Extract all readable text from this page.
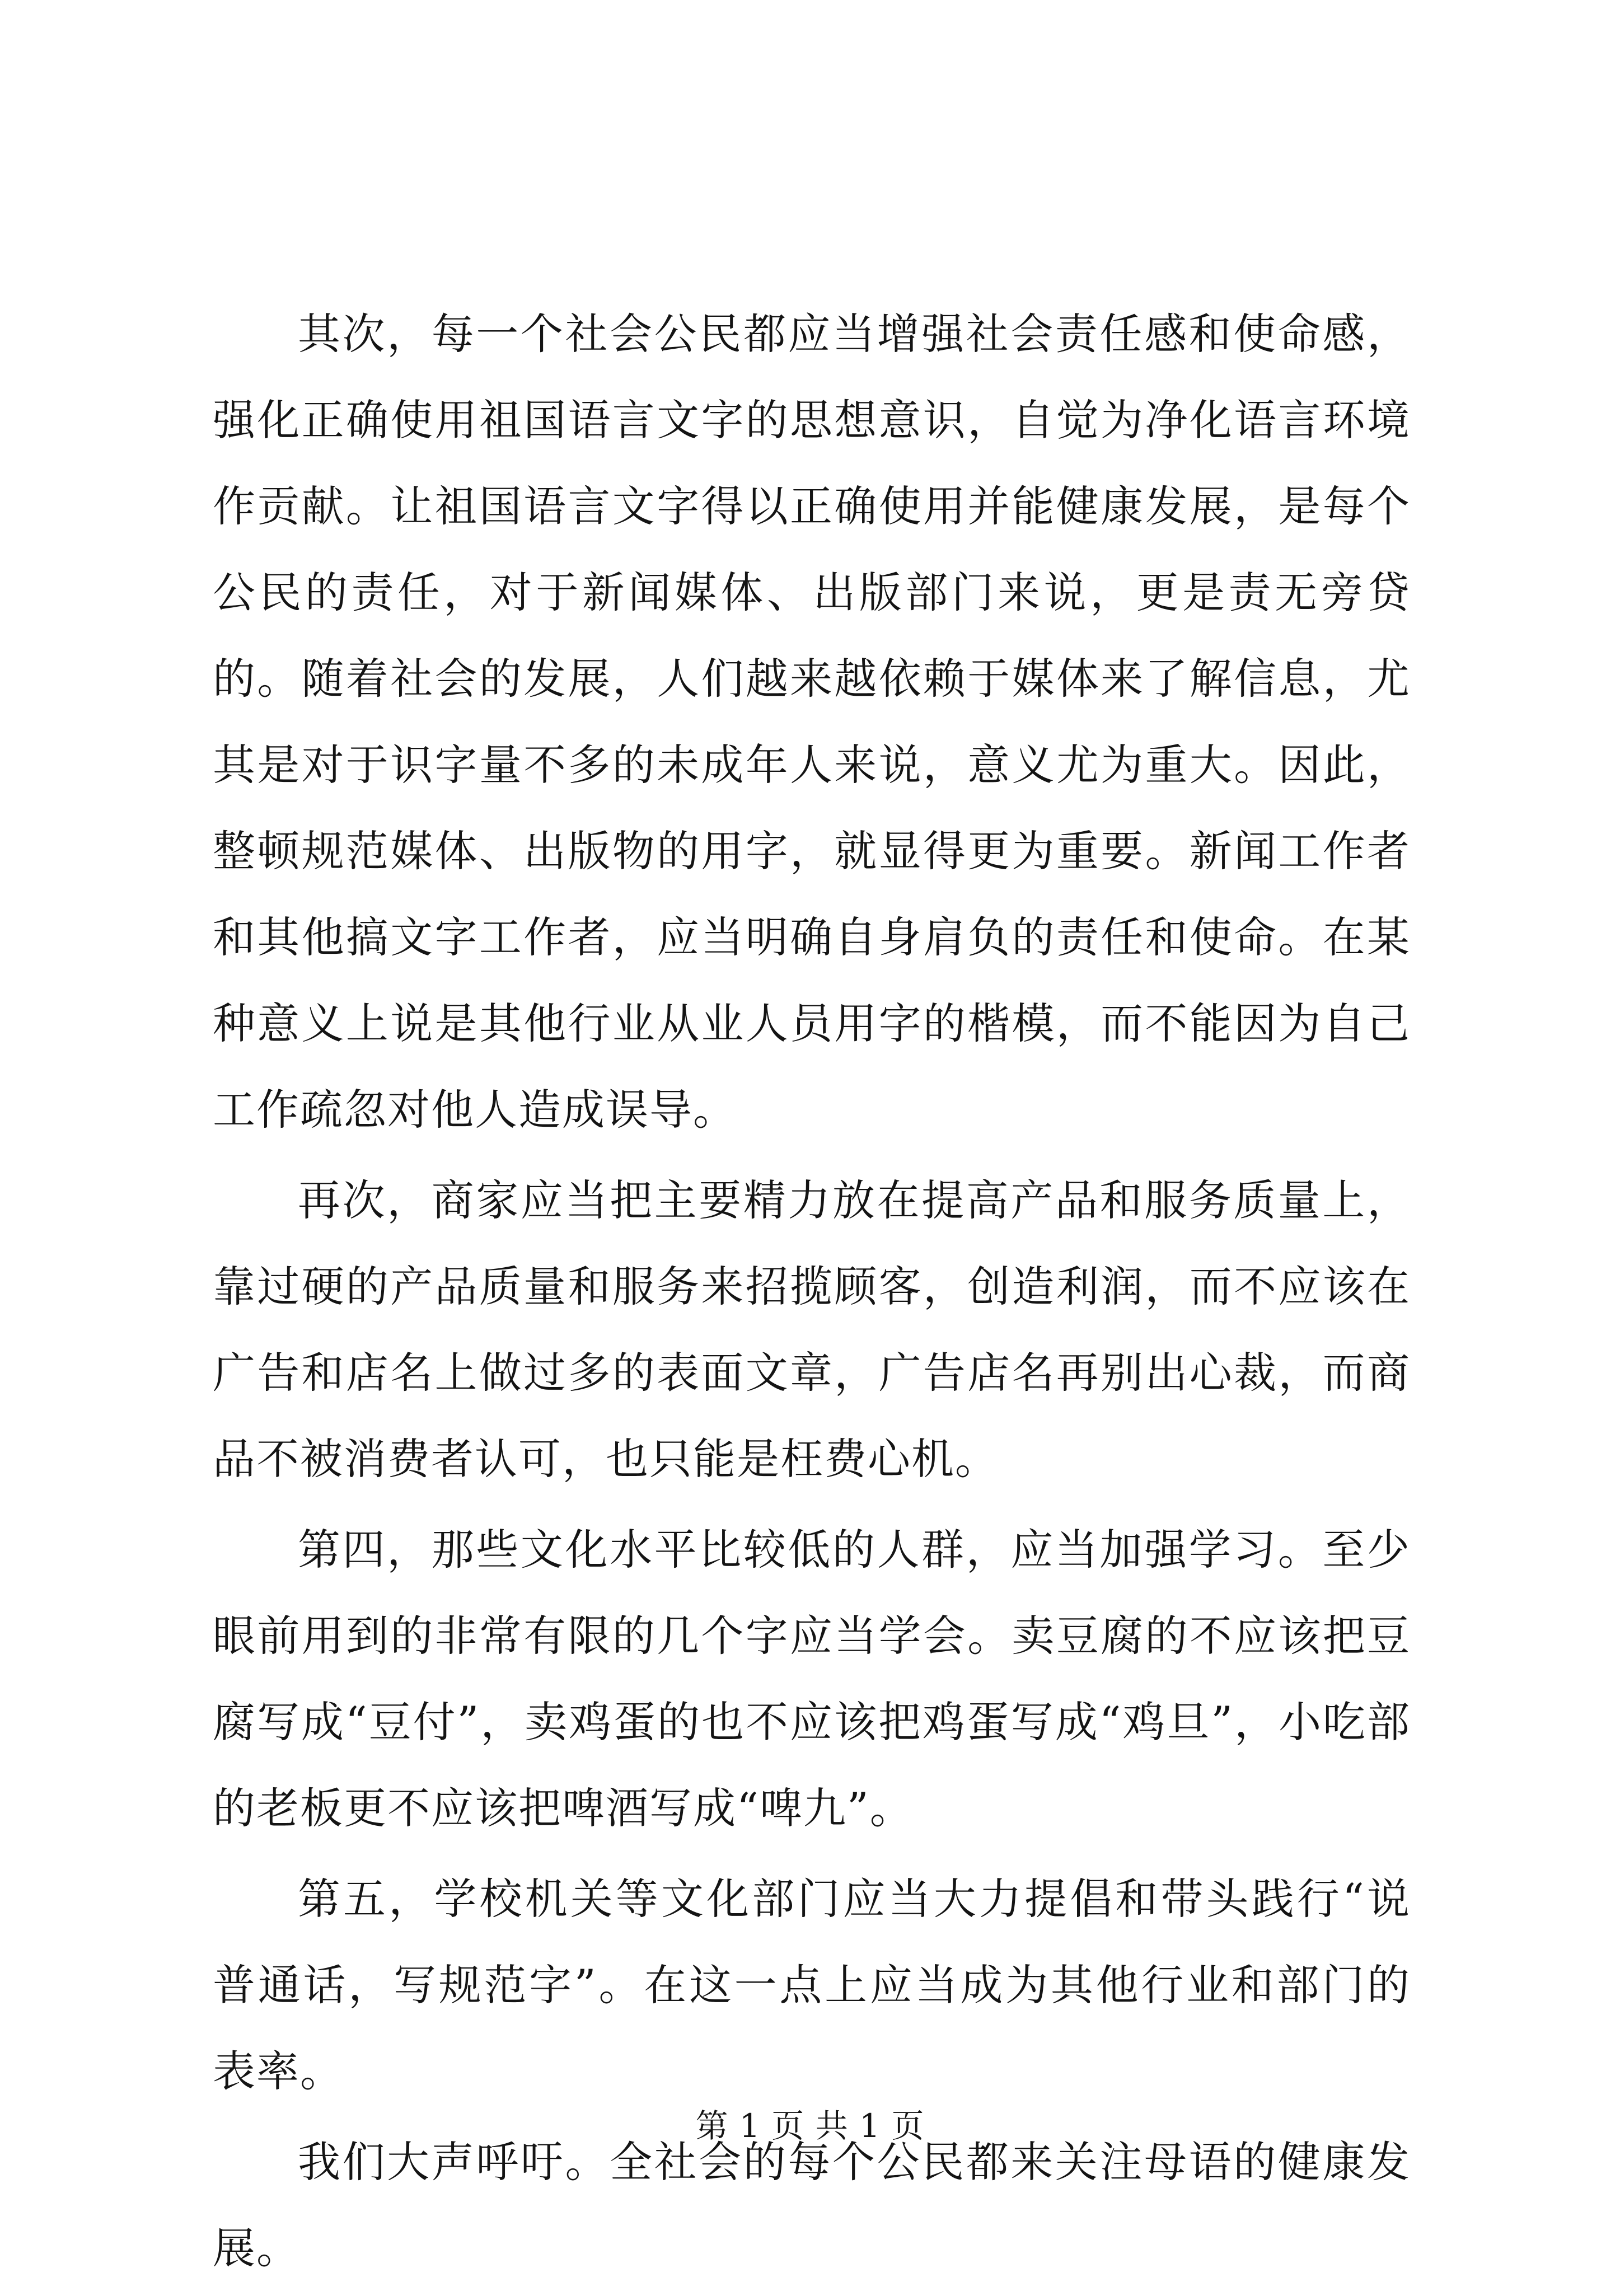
其次，每一个社会公民都应当增强社会责任感和使命感，强化正确使用祖国语言文字的思想意识，自觉为净化语言环境作贡献。让祖国语言文字得以正确使用并能健康发展，是每个公民的责任，对于新闻媒体、出版部门来说，更是责无旁贷的。随着社会的发展，人们越来越依赖于媒体来了解信息，尤其是对于识字量不多的未成年人来说，意义尤为重大。因此，整顿规范媒体、出版物的用字，就显得更为重要。新闻工作者和其他搞文字工作者，应当明确自身肩负的责任和使命。在某种意义上说是其他行业从业人员用字的楷模，而不能因为自己工作疏忽对他人造成误导。

再次，商家应当把主要精力放在提高产品和服务质量上，靠过硬的产品质量和服务来招揽顾客，创造利润，而不应该在广告和店名上做过多的表面文章，广告店名再别出心裁，而商品不被消费者认可，也只能是枉费心机。

第四，那些文化水平比较低的人群，应当加强学习。至少眼前用到的非常有限的几个字应当学会。卖豆腐的不应该把豆腐写成“豆付”，卖鸡蛋的也不应该把鸡蛋写成“鸡旦”，小吃部的老板更不应该把啤酒写成“啤九”。

第五，学校机关等文化部门应当大力提倡和带头践行“说普通话，写规范字”。在这一点上应当成为其他行业和部门的表率。

我们大声呼吁。全社会的每个公民都来关注母语的健康发展。

第 1 页 共 1 页
